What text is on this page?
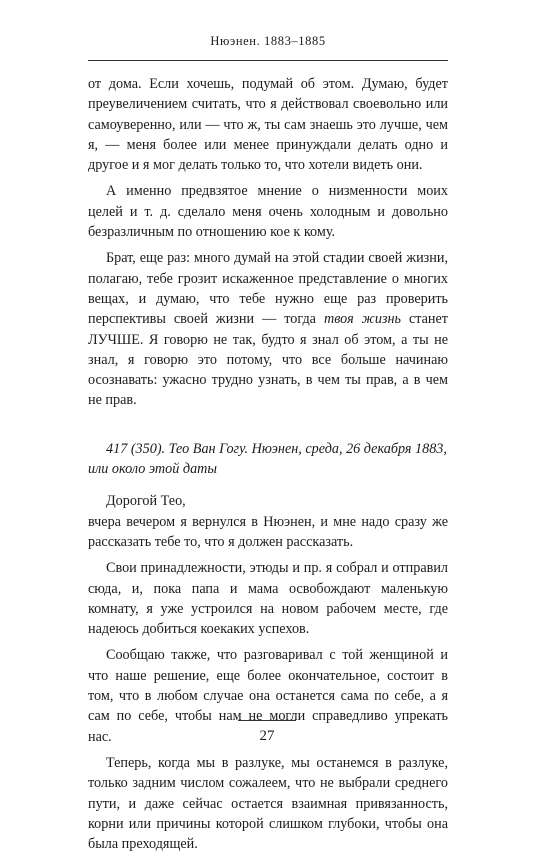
Нюэнен. 1883–1885

от дома. Если хочешь, подумай об этом. Думаю, будет преувеличением считать, что я действовал своевольно или самоуверенно, или — что ж, ты сам знаешь это лучше, чем я, — меня более или менее принуждали делать одно и другое и я мог делать только то, что хотели видеть они.

А именно предвзятое мнение о низменности моих целей и т. д. сделало меня очень холодным и довольно безразличным по отношению кое к кому.

Брат, еще раз: много думай на этой стадии своей жизни, полагаю, тебе грозит искаженное представление о многих вещах, и думаю, что тебе нужно еще раз проверить перспективы своей жизни — тогда твоя жизнь станет ЛУЧШЕ. Я говорю не так, будто я знал об этом, а ты не знал, я говорю это потому, что все больше начинаю осознавать: ужасно трудно узнать, в чем ты прав, а в чем не прав.

417 (350). Тео Ван Гогу. Нюэнен, среда, 26 декабря 1883, или около этой даты

Дорогой Тео,

вчера вечером я вернулся в Нюэнен, и мне надо сразу же рассказать тебе то, что я должен рассказать.

Свои принадлежности, этюды и пр. я собрал и отправил сюда, и, пока папа и мама освобождают маленькую комнату, я уже устроился на новом рабочем месте, где надеюсь добиться коекаких успехов.

Сообщаю также, что разговаривал с той женщиной и что наше решение, еще более окончательное, состоит в том, что в любом случае она останется сама по себе, а я сам по себе, чтобы нам не могли справедливо упрекать нас.

Теперь, когда мы в разлуке, мы останемся в разлуке, только задним числом сожалеем, что не выбрали среднего пути, и даже сейчас остается взаимная привязанность, корни или причины которой слишком глубоки, чтобы она была преходящей.

27
